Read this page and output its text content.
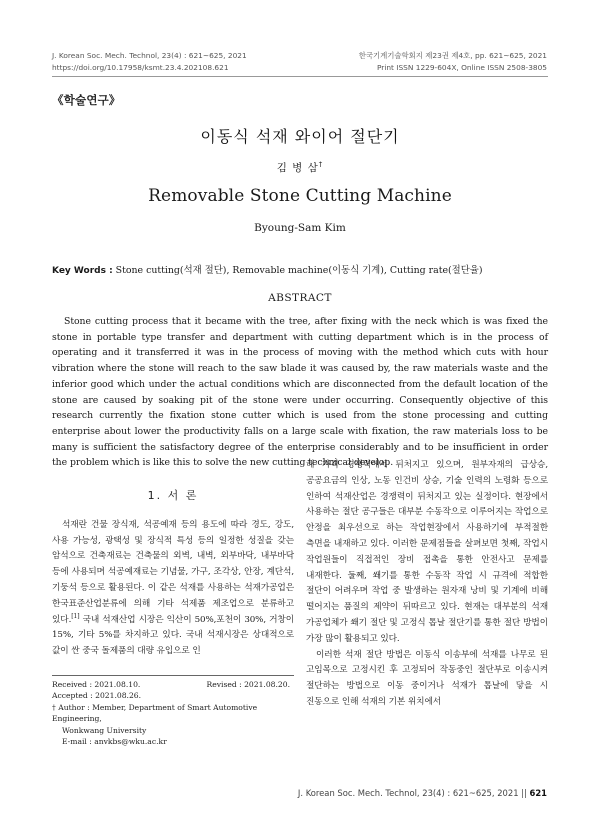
J. Korean Soc. Mech. Technol, 23(4) : 621~625, 2021
https://doi.org/10.17958/ksmt.23.4.202108.621
한국기계기술학회지 제23권 제4호, pp. 621~625, 2021
Print ISSN 1229-604X, Online ISSN 2508-3805
《학술연구》
이동식 석재 와이어 절단기
김 병 삼†
Removable Stone Cutting Machine
Byoung-Sam Kim
Key Words : Stone cutting(석재 절단), Removable machine(이동식 기계), Cutting rate(절단율)
ABSTRACT
Stone cutting process that it became with the tree, after fixing with the neck which is was fixed the stone in portable type transfer and department with cutting department which is in the process of operating and it transferred it was in the process of moving with the method which cuts with hour vibration where the stone will reach to the saw blade it was caused by, the raw materials waste and the inferior good which under the actual conditions which are disconnected from the default location of the stone are caused by soaking pit of the stone were under occurring. Consequently objective of this research currently the fixation stone cutter which is used from the stone processing and cutting enterprise about lower the productivity falls on a large scale with fixation, the raw materials loss to be many is sufficient the satisfactory degree of the enterprise considerably and to be insufficient in order the problem which is like this to solve the new cutting technical develop.
1. 서 론

석재란 건물 장식재, 석공예재 등의 용도에 따라 경도, 강도, 사용 가능성, 광택성 및 장식적 특성 등의 일정한 성질을 갖는 암석으로 건축재료는 건축물의 외벽, 내벽, 외부바닥, 내부바닥 등에 사용되며 석공예재료는 기념물, 가구, 조각상, 안장, 계단석, 기둥석 등으로 활용된다. 이 같은 석재를 사용하는 석재가공업은 한국표준산업분류에 의해 기타 석제품 제조업으로 분류하고 있다.[1] 국내 석재산업 시장은 익산이 50%,포천이 30%, 거창이 15%, 기타 5%를 차지하고 있다. 국내 석재시장은 상대적으로 값이 싼 중국 돌제품의 대량 유입으로 인

해 가격 경쟁력에서 뒤처지고 있으며, 원부자재의 급상승, 공공요금의 인상, 노동 인건비 상승, 기술 인력의 노령화 등으로 인하여 석재산업은 경쟁력이 뒤처지고 있는 실정이다. 현장에서 사용하는 절단 공구들은 대부분 수동작으로 이루어지는 작업으로 안정을 최우선으로 하는 작업현장에서 사용하기에 부적절한 측면을 내재하고 있다. 이러한 문제점들을 살펴보면 첫째, 작업시 작업원들이 직접적인 장비 접촉을 통한 안전사고 문제를 내재한다. 둘째, 쐐기를 통한 수동작 작업 시 규격에 적합한 절단이 어려우며 작업 중 발생하는 원자재 낭비 및 기계에 비해 떨어지는 품질의 제약이 뒤따르고 있다. 현재는 대부분의 석재 가공업체가 쐐기 절단 및 고정식 톱날 절단기를 통한 절단 방법이 가장 많이 활용되고 있다.

이러한 석재 절단 방법은 이동식 이송부에 석재를 나무로 된 고임목으로 고정시킨 후 고정되어 작동중인 절단부로 이송시켜 절단하는 방법으로 이동 중이거나 석재가 톱날에 닿을 시 진동으로 인해 석재의 기본 위치에서

Received : 2021.08.10.	Revised : 2021.08.20.
Accepted : 2021.08.26.
† Author : Member, Department of Smart Automotive Engineering,
Wonkwang University
E-mail : anvkbs@wku.ac.kr
J. Korean Soc. Mech. Technol, 23(4) : 621~625, 2021 || 621
